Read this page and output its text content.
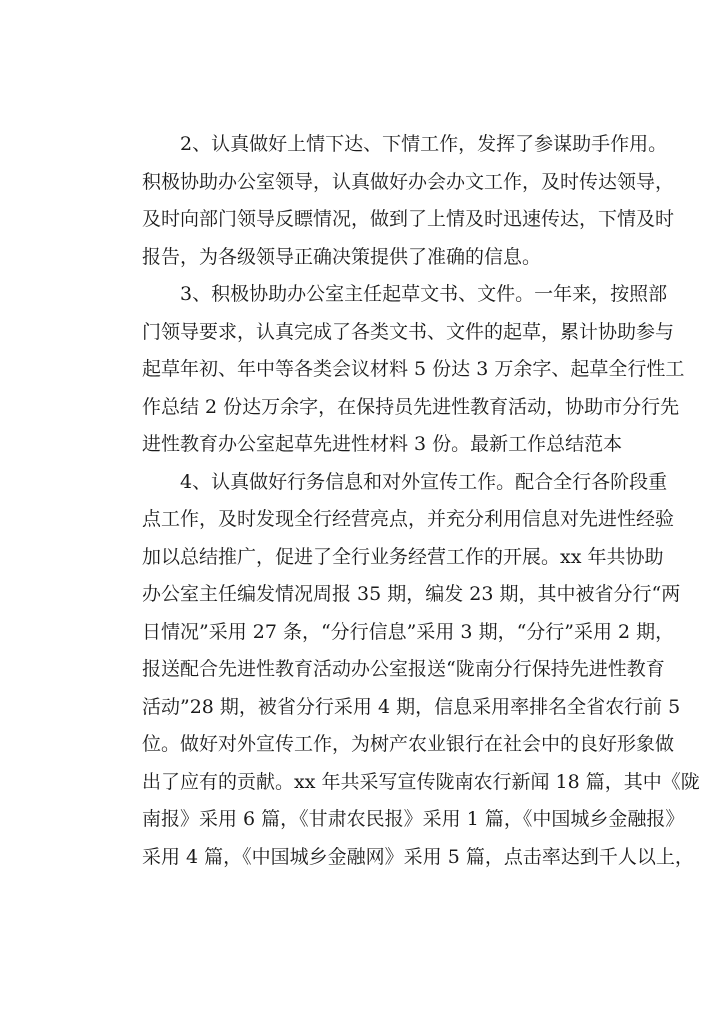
2、认真做好上情下达、下情工作，发挥了参谋助手作用。
积极协助办公室领导，认真做好办会办文工作，及时传达领导，
及时向部门领导反瞟情况，做到了上情及时迅速传达，下情及时
报告，为各级领导正确决策提供了准确的信息。
3、积极协助办公室主任起草文书、文件。一年来，按照部
门领导要求，认真完成了各类文书、文件的起草，累计协助参与
起草年初、年中等各类会议材料 5 份达 3 万余字、起草全行性工
作总结 2 份达万余字，在保持员先进性教育活动，协助市分行先
进性教育办公室起草先进性材料 3 份。最新工作总结范本
4、认真做好行务信息和对外宣传工作。配合全行各阶段重
点工作，及时发现全行经营亮点，并充分利用信息对先进性经验
加以总结推广，促进了全行业务经营工作的开展。xx 年共协助
办公室主任编发情况周报 35 期，编发 23 期，其中被省分行“两
日情况”采用 27 条，“分行信息”采用 3 期，“分行”采用 2 期，
报送配合先进性教育活动办公室报送“陇南分行保持先进性教育
活动”28 期，被省分行采用 4 期，信息采用率排名全省农行前 5
位。做好对外宣传工作，为树产农业银行在社会中的良好形象做
出了应有的贡献。xx 年共采写宣传陇南农行新闻 18 篇，其中《陇
南报》采用 6 篇，《甘肃农民报》采用 1 篇，《中国城乡金融报》
采用 4 篇，《中国城乡金融网》采用 5 篇，点击率达到千人以上，
